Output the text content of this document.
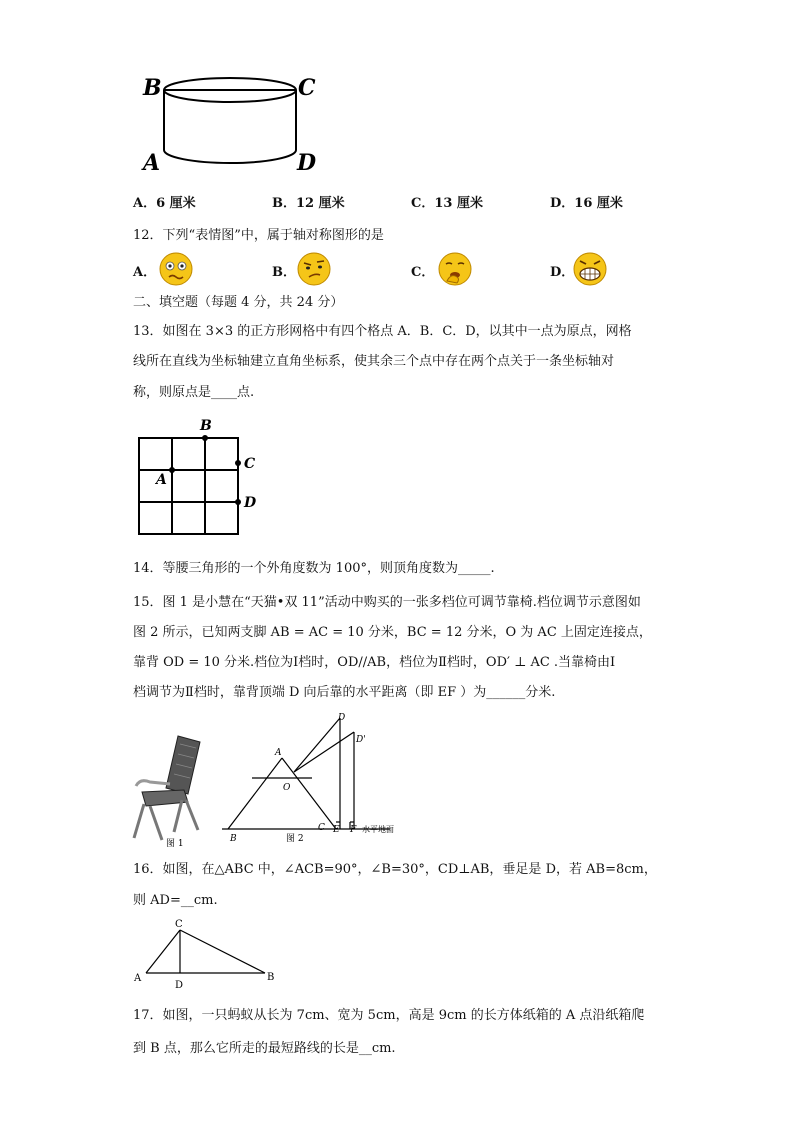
B	C
A	D
A．6 厘米	B．12 厘米	C．13 厘米	D．16 厘米
12．下列“表情图”中，属于轴对称图形的是
A．	B．	C．	D．
二、填空题（每题 4 分，共 24 分）
13．如图在 3×3 的正方形网格中有四个格点 A．B．C．D，以其中一点为原点，网格
线所在直线为坐标轴建立直角坐标系，使其余三个点中存在两个点关于一条坐标轴对
称，则原点是____点.
B
A
C
D
14．等腰三角形的一个外角度数为 100°，则顶角度数为_____.
15．图 1 是小慧在“天猫•双 11”活动中购买的一张多档位可调节靠椅.档位调节示意图如
图 2 所示，已知两支脚 AB = AC = 10 分米，BC = 12 分米，O 为 AC 上固定连接点，
靠背 OD = 10 分米.档位为Ⅰ档时，OD//AB，档位为Ⅱ档时，OD′ ⊥ AC .当靠椅由Ⅰ
档调节为Ⅱ档时，靠背顶端 D 向后靠的水平距离（即 EF ）为______分米.
图 1
A
O
B
C E F
D
D'
水平地面
图 2
16．如图，在△ABC 中，∠ACB=90°，∠B=30°，CD⊥AB，垂足是 D，若 AB=8cm，
则 AD=__cm.
C
A
D
B
17．如图，一只蚂蚁从长为 7cm、宽为 5cm，高是 9cm 的长方体纸箱的 A 点沿纸箱爬
到 B 点，那么它所走的最短路线的长是__cm.
